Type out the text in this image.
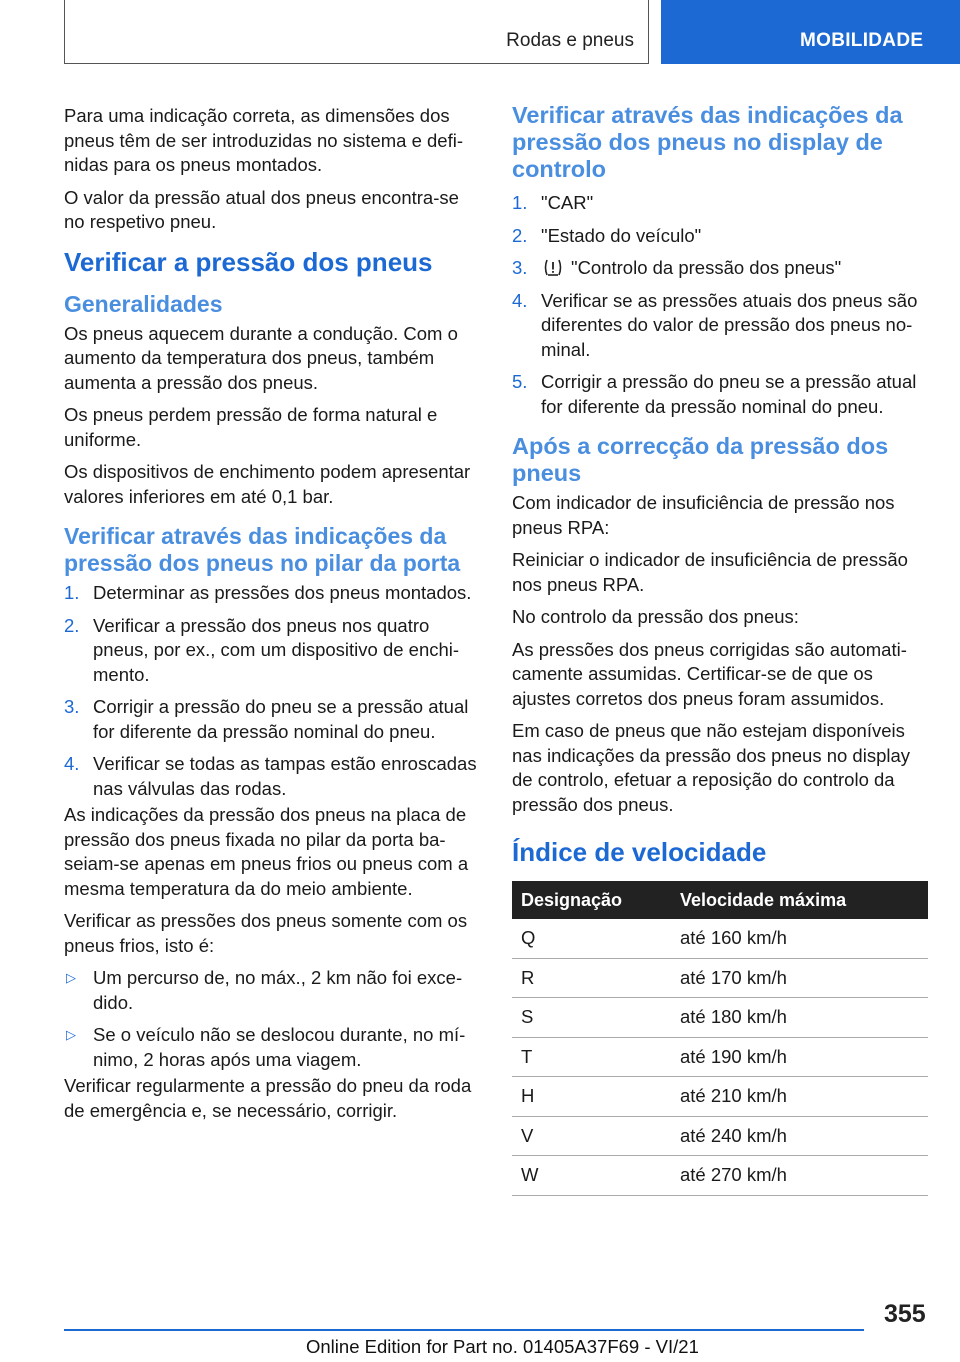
Rodas e pneus	MOBILIDADE

Para uma indicação correta, as dimensões dos pneus têm de ser introduzidas no sistema e definidas para os pneus montados.

O valor da pressão atual dos pneus encontra-se no respetivo pneu.

Verificar a pressão dos pneus
Generalidades

Os pneus aquecem durante a condução. Com o aumento da temperatura dos pneus, também aumenta a pressão dos pneus.

Os pneus perdem pressão de forma natural e uniforme.

Os dispositivos de enchimento podem apresentar valores inferiores em até 0,1 bar.

Verificar através das indicações da pressão dos pneus no pilar da porta
1. Determinar as pressões dos pneus montados.
2. Verificar a pressão dos pneus nos quatro pneus, por ex., com um dispositivo de enchimento.
3. Corrigir a pressão do pneu se a pressão atual for diferente da pressão nominal do pneu.
4. Verificar se todas as tampas estão enroscadas nas válvulas das rodas.

As indicações da pressão dos pneus na placa de pressão dos pneus fixada no pilar da porta baseiam-se apenas em pneus frios ou pneus com a mesma temperatura da do meio ambiente.

Verificar as pressões dos pneus somente com os pneus frios, isto é:

▷ Um percurso de, no máx., 2 km não foi excedido.
▷ Se o veículo não se deslocou durante, no mínimo, 2 horas após uma viagem.

Verificar regularmente a pressão do pneu da roda de emergência e, se necessário, corrigir.

Verificar através das indicações da pressão dos pneus no display de controlo
1. "CAR"
2. "Estado do veículo"
3. "Controlo da pressão dos pneus"
4. Verificar se as pressões atuais dos pneus são diferentes do valor de pressão dos pneus nominal.
5. Corrigir a pressão do pneu se a pressão atual for diferente da pressão nominal do pneu.
Após a correcção da pressão dos pneus

Com indicador de insuficiência de pressão nos pneus RPA:

Reiniciar o indicador de insuficiência de pressão nos pneus RPA.

No controlo da pressão dos pneus:

As pressões dos pneus corrigidas são automaticamente assumidas. Certificar-se de que os ajustes corretos dos pneus foram assumidos.

Em caso de pneus que não estejam disponíveis nas indicações da pressão dos pneus no display de controlo, efetuar a reposição do controlo da pressão dos pneus.

Índice de velocidade
Designação	Velocidade máxima
Q	até 160 km/h
R	até 170 km/h
S	até 180 km/h
T	até 190 km/h
H	até 210 km/h
V	até 240 km/h
W	até 270 km/h
355
Online Edition for Part no. 01405A37F69 - VI/21
